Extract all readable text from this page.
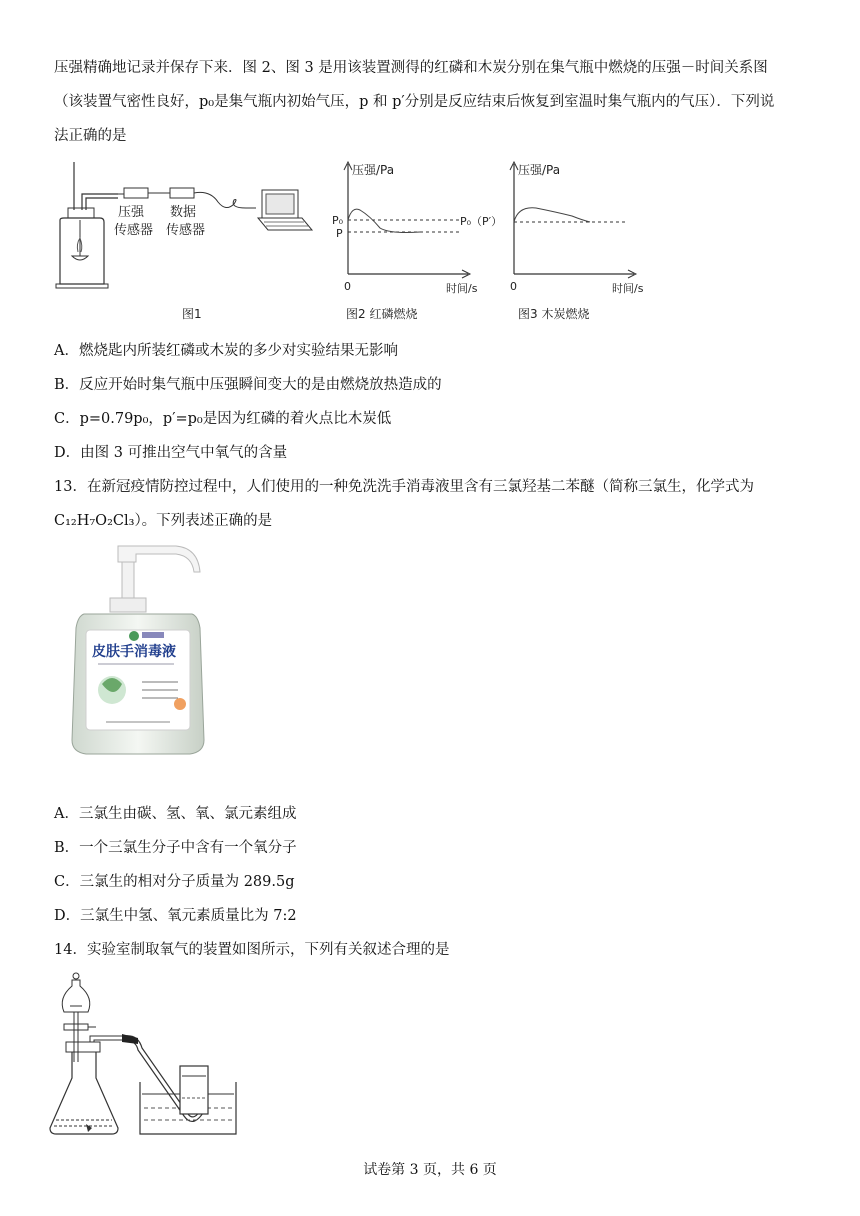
压强精确地记录并保存下来．图 2、图 3 是用该装置测得的红磷和木炭分别在集气瓶中燃烧的压强－时间关系图
（该装置气密性良好，p₀是集气瓶内初始气压，p 和 p′分别是反应结束后恢复到室温时集气瓶内的气压）．下列说
法正确的是
压强
传感器
数据
传感器
图1
压强/Pa
P₀
P
0	时间/s
图2 红磷燃烧
压强/Pa
P₀（P′）
0	时间/s
图3 木炭燃烧
A．燃烧匙内所装红磷或木炭的多少对实验结果无影响
B．反应开始时集气瓶中压强瞬间变大的是由燃烧放热造成的
C．p=0.79p₀，p′=p₀是因为红磷的着火点比木炭低
D．由图 3 可推出空气中氧气的含量
13．在新冠疫情防控过程中，人们使用的一种免洗洗手消毒液里含有三氯羟基二苯醚（简称三氯生，化学式为
C₁₂H₇O₂Cl₃）。下列表述正确的是
皮肤手消毒液
A．三氯生由碳、氢、氧、氯元素组成
B．一个三氯生分子中含有一个氧分子
C．三氯生的相对分子质量为 289.5g
D．三氯生中氢、氧元素质量比为 7:2
14．实验室制取氧气的装置如图所示，下列有关叙述合理的是
试卷第 3 页，共 6 页
